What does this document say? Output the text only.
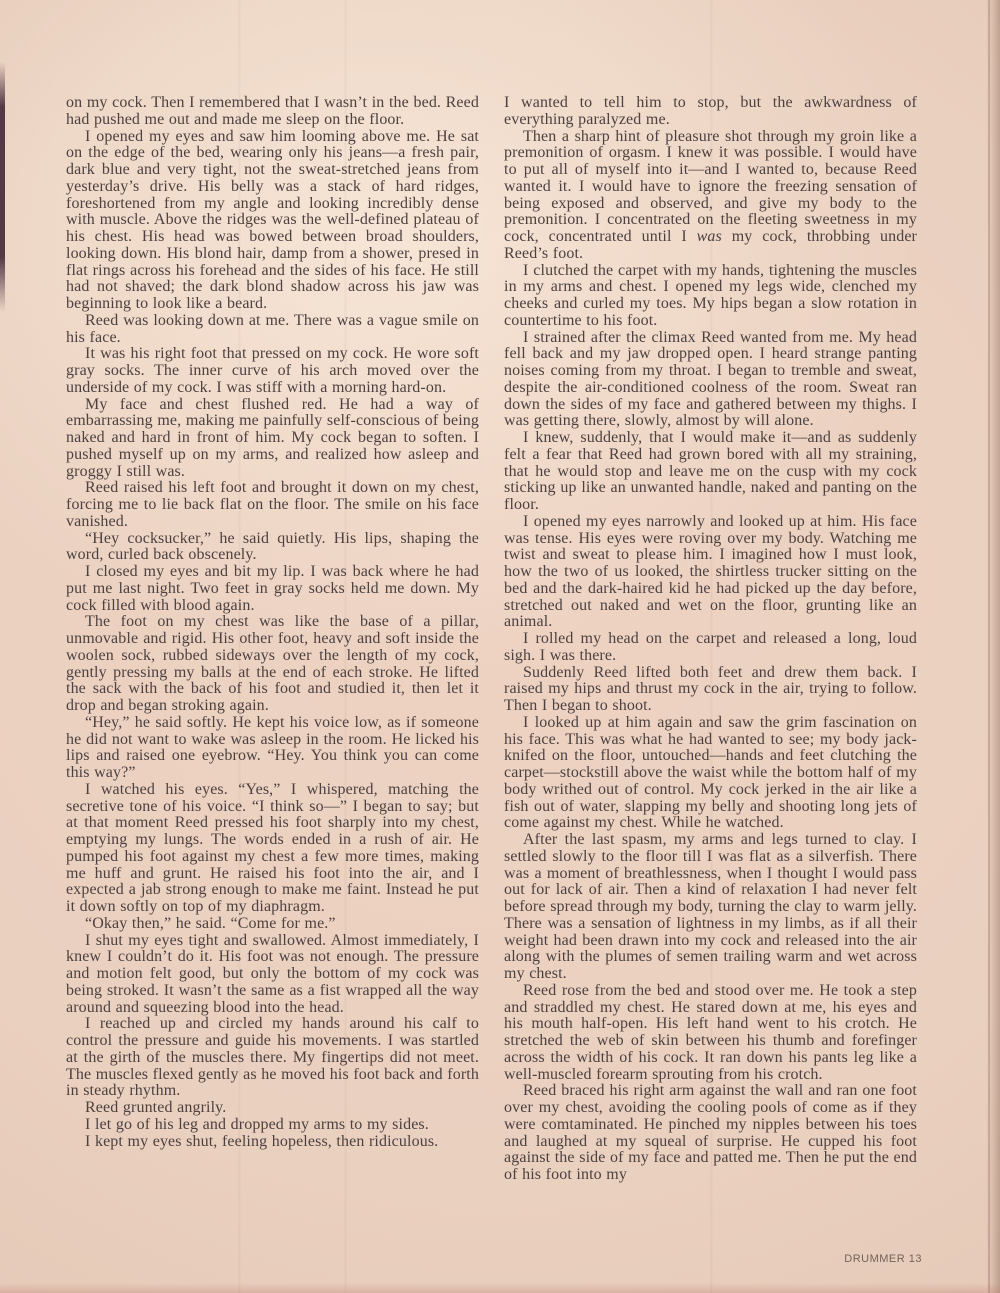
on my cock. Then I remembered that I wasn’t in the bed. Reed had pushed me out and made me sleep on the floor.

I opened my eyes and saw him looming above me. He sat on the edge of the bed, wearing only his jeans—a fresh pair, dark blue and very tight, not the sweat-stretched jeans from yesterday’s drive. His belly was a stack of hard ridges, foreshortened from my angle and looking incredibly dense with muscle. Above the ridges was the well-defined plateau of his chest. His head was bowed between broad shoulders, looking down. His blond hair, damp from a shower, presed in flat rings across his forehead and the sides of his face. He still had not shaved; the dark blond shadow across his jaw was beginning to look like a beard.

Reed was looking down at me. There was a vague smile on his face.

It was his right foot that pressed on my cock. He wore soft gray socks. The inner curve of his arch moved over the underside of my cock. I was stiff with a morning hard-on.

My face and chest flushed red. He had a way of embarrassing me, making me painfully self-conscious of being naked and hard in front of him. My cock began to soften. I pushed myself up on my arms, and realized how asleep and groggy I still was.

Reed raised his left foot and brought it down on my chest, forcing me to lie back flat on the floor. The smile on his face vanished.

“Hey cocksucker,” he said quietly. His lips, shaping the word, curled back obscenely.

I closed my eyes and bit my lip. I was back where he had put me last night. Two feet in gray socks held me down. My cock filled with blood again.

The foot on my chest was like the base of a pillar, unmovable and rigid. His other foot, heavy and soft inside the woolen sock, rubbed sideways over the length of my cock, gently pressing my balls at the end of each stroke. He lifted the sack with the back of his foot and studied it, then let it drop and began stroking again.

“Hey,” he said softly. He kept his voice low, as if someone he did not want to wake was asleep in the room. He licked his lips and raised one eyebrow. “Hey. You think you can come this way?”

I watched his eyes. “Yes,” I whispered, matching the secretive tone of his voice. “I think so—” I began to say; but at that moment Reed pressed his foot sharply into my chest, emptying my lungs. The words ended in a rush of air. He pumped his foot against my chest a few more times, making me huff and grunt. He raised his foot into the air, and I expected a jab strong enough to make me faint. Instead he put it down softly on top of my diaphragm.

“Okay then,” he said. “Come for me.”

I shut my eyes tight and swallowed. Almost immediately, I knew I couldn’t do it. His foot was not enough. The pressure and motion felt good, but only the bottom of my cock was being stroked. It wasn’t the same as a fist wrapped all the way around and squeezing blood into the head.

I reached up and circled my hands around his calf to control the pressure and guide his movements. I was startled at the girth of the muscles there. My fingertips did not meet. The muscles flexed gently as he moved his foot back and forth in steady rhythm.

Reed grunted angrily.

I let go of his leg and dropped my arms to my sides.

I kept my eyes shut, feeling hopeless, then ridiculous.

I wanted to tell him to stop, but the awkwardness of everything paralyzed me.

Then a sharp hint of pleasure shot through my groin like a premonition of orgasm. I knew it was possible. I would have to put all of myself into it—and I wanted to, because Reed wanted it. I would have to ignore the freezing sensation of being exposed and observed, and give my body to the premonition. I concentrated on the fleeting sweetness in my cock, concentrated until I was my cock, throbbing under Reed’s foot.

I clutched the carpet with my hands, tightening the muscles in my arms and chest. I opened my legs wide, clenched my cheeks and curled my toes. My hips began a slow rotation in countertime to his foot.

I strained after the climax Reed wanted from me. My head fell back and my jaw dropped open. I heard strange panting noises coming from my throat. I began to tremble and sweat, despite the air-conditioned coolness of the room. Sweat ran down the sides of my face and gathered between my thighs. I was getting there, slowly, almost by will alone.

I knew, suddenly, that I would make it—and as suddenly felt a fear that Reed had grown bored with all my straining, that he would stop and leave me on the cusp with my cock sticking up like an unwanted handle, naked and panting on the floor.

I opened my eyes narrowly and looked up at him. His face was tense. His eyes were roving over my body. Watching me twist and sweat to please him. I imagined how I must look, how the two of us looked, the shirtless trucker sitting on the bed and the dark-haired kid he had picked up the day before, stretched out naked and wet on the floor, grunting like an animal.

I rolled my head on the carpet and released a long, loud sigh. I was there.

Suddenly Reed lifted both feet and drew them back. I raised my hips and thrust my cock in the air, trying to follow. Then I began to shoot.

I looked up at him again and saw the grim fascination on his face. This was what he had wanted to see; my body jack-knifed on the floor, untouched—hands and feet clutching the carpet—stockstill above the waist while the bottom half of my body writhed out of control. My cock jerked in the air like a fish out of water, slapping my belly and shooting long jets of come against my chest. While he watched.

After the last spasm, my arms and legs turned to clay. I settled slowly to the floor till I was flat as a silverfish. There was a moment of breathlessness, when I thought I would pass out for lack of air. Then a kind of relaxation I had never felt before spread through my body, turning the clay to warm jelly. There was a sensation of lightness in my limbs, as if all their weight had been drawn into my cock and released into the air along with the plumes of semen trailing warm and wet across my chest.

Reed rose from the bed and stood over me. He took a step and straddled my chest. He stared down at me, his eyes and his mouth half-open. His left hand went to his crotch. He stretched the web of skin between his thumb and forefinger across the width of his cock. It ran down his pants leg like a well-muscled forearm sprouting from his crotch.

Reed braced his right arm against the wall and ran one foot over my chest, avoiding the cooling pools of come as if they were comtaminated. He pinched my nipples between his toes and laughed at my squeal of surprise. He cupped his foot against the side of my face and patted me. Then he put the end of his foot into my

DRUMMER 13
